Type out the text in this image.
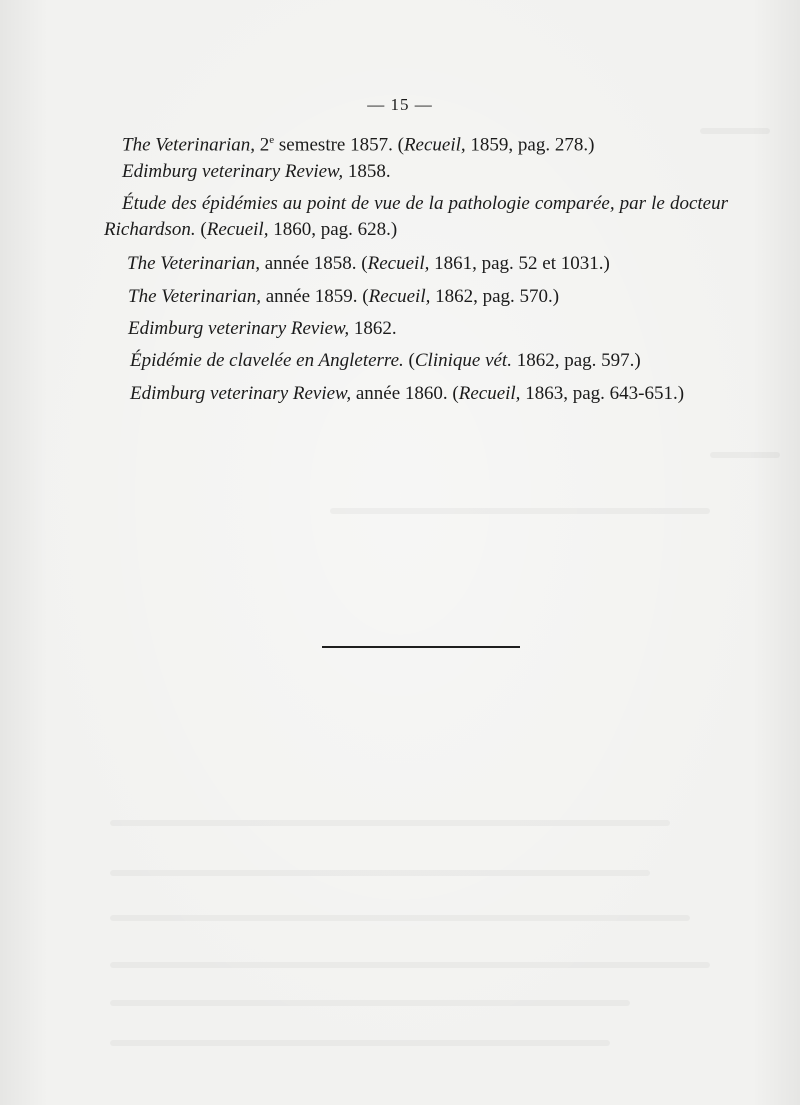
— 15 —
The Veterinarian, 2e semestre 1857. (Recueil, 1859, pag. 278.)
Edimburg veterinary Review, 1858.
Étude des épidémies au point de vue de la pathologie comparée, par le docteur Richardson. (Recueil, 1860, pag. 628.)
The Veterinarian, année 1858. (Recueil, 1861, pag. 52 et 1031.)
The Veterinarian, année 1859. (Recueil, 1862, pag. 570.)
Edimburg veterinary Review, 1862.
Épidémie de clavelée en Angleterre. (Clinique vét. 1862, pag. 597.)
Edimburg veterinary Review, année 1860. (Recueil, 1863, pag. 643-651.)
